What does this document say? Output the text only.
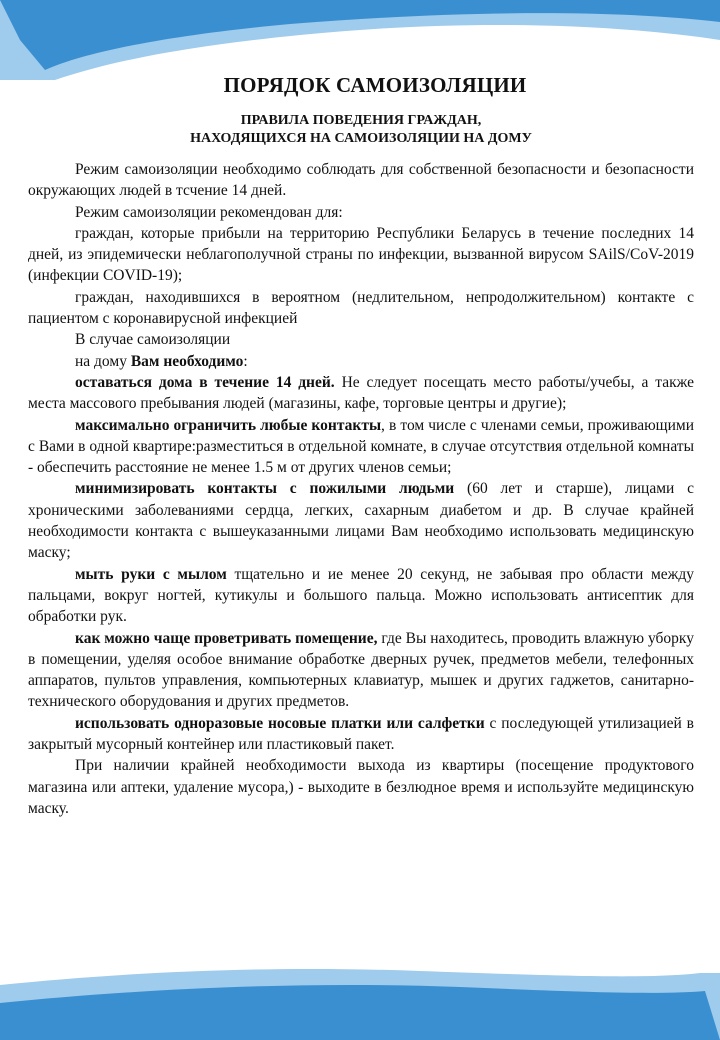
ПОРЯДОК САМОИЗОЛЯЦИИ
ПРАВИЛА ПОВЕДЕНИЯ ГРАЖДАН,
НАХОДЯЩИХСЯ НА САМОИЗОЛЯЦИИ НА ДОМУ

Режим самоизоляции необходимо соблюдать для собственной безопасности и безопасности окружающих людей в тсчение 14 дней.

Режим самоизоляции рекомендован для:

граждан, которые прибыли на территорию Республики Беларусь в течение последних 14 дней, из эпидемически неблагополучной страны по инфекции, вызванной вирусом SAilS/CoV-2019 (инфекции COVID-19);

граждан, находившихся в вероятном (недлительном, непродолжительном) контакте с пациентом с коронавирусной инфекцией

В случае самоизоляции

на дому Вам необходимо:

оставаться дома в течение 14 дней. Не следует посещать место работы/учебы, а также места массового пребывания людей (магазины, кафе, торговые центры и другие);

максимально ограничить любые контакты, в том числе с членами семьи, проживающими с Вами в одной квартире:разместиться в отдельной комнате, в случае отсутствия отдельной комнаты - обеспечить расстояние не менее 1.5 м от других членов семьи;

минимизировать контакты с пожилыми людьми (60 лет и старше), лицами с хроническими заболеваниями сердца, легких, сахарным диабетом и др. В случае крайней необходимости контакта с вышеуказанными лицами Вам необходимо использовать медицинскую маску;

мыть руки с мылом тщательно и ие менее 20 секунд, не забывая про области между пальцами, вокруг ногтей, кутикулы и большого пальца. Можно использовать антисептик для обработки рук.

как можно чаще проветривать помещение, где Вы находитесь, проводить влажную уборку в помещении, уделяя особое внимание обработке дверных ручек, предметов мебели, телефонных аппаратов, пультов управления, компьютерных клавиатур, мышек и других гаджетов, санитарно-технического оборудования и других предметов.

использовать одноразовые носовые платки или салфетки с последующей утилизацией в закрытый мусорный контейнер или пластиковый пакет.

При наличии крайней необходимости выхода из квартиры (посещение продуктового магазина или аптеки, удаление мусора,) - выходите в безлюдное время и используйте медицинскую маску.
